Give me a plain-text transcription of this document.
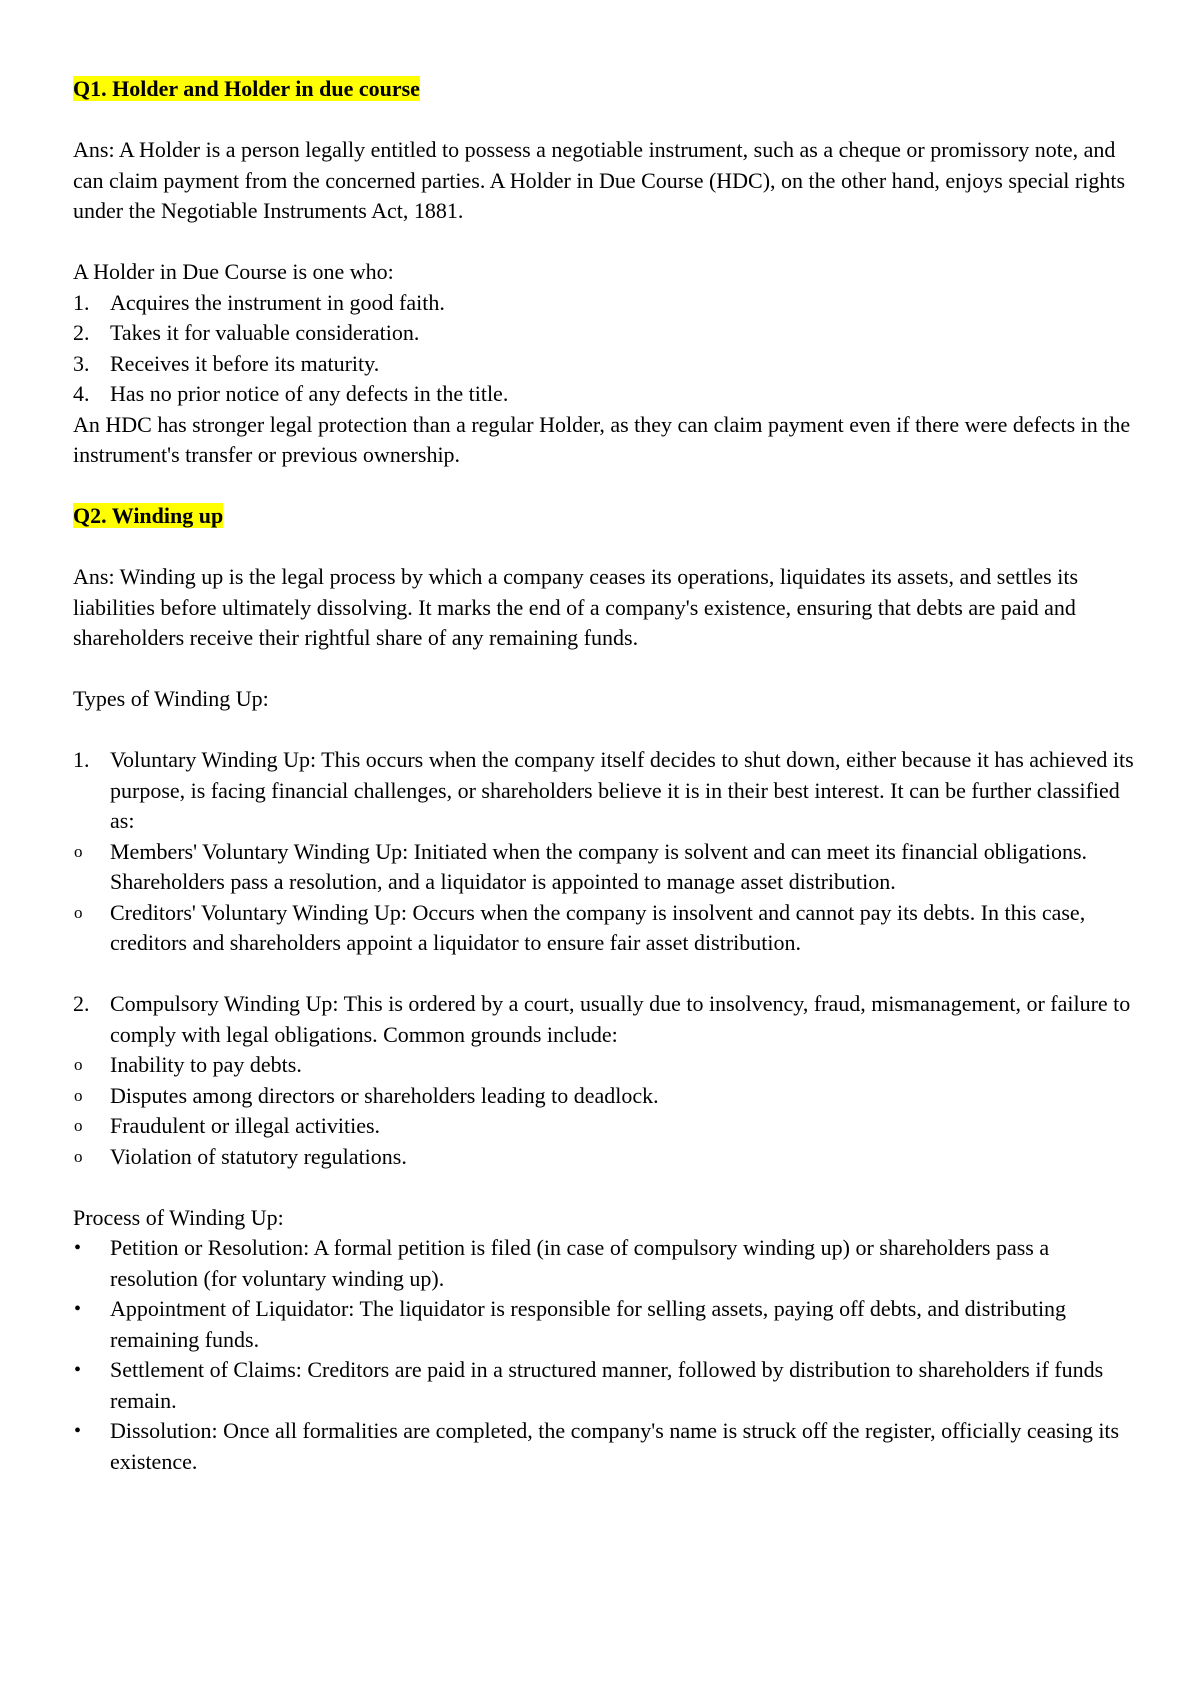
Q1. Holder and Holder in due course

Ans: A Holder is a person legally entitled to possess a negotiable instrument, such as a cheque or promissory note, and can claim payment from the concerned parties. A Holder in Due Course (HDC), on the other hand, enjoys special rights under the Negotiable Instruments Act, 1881.

A Holder in Due Course is one who:

1. Acquires the instrument in good faith.
2. Takes it for valuable consideration.
3. Receives it before its maturity.
4. Has no prior notice of any defects in the title.

An HDC has stronger legal protection than a regular Holder, as they can claim payment even if there were defects in the instrument's transfer or previous ownership.

Q2. Winding up

Ans: Winding up is the legal process by which a company ceases its operations, liquidates its assets, and settles its liabilities before ultimately dissolving. It marks the end of a company's existence, ensuring that debts are paid and shareholders receive their rightful share of any remaining funds.

Types of Winding Up:

1. Voluntary Winding Up: This occurs when the company itself decides to shut down, either because it has achieved its purpose, is facing financial challenges, or shareholders believe it is in their best interest. It can be further classified as:
o	Members' Voluntary Winding Up: Initiated when the company is solvent and can meet its financial obligations. Shareholders pass a resolution, and a liquidator is appointed to manage asset distribution.
o	Creditors' Voluntary Winding Up: Occurs when the company is insolvent and cannot pay its debts. In this case, creditors and shareholders appoint a liquidator to ensure fair asset distribution.
2. Compulsory Winding Up: This is ordered by a court, usually due to insolvency, fraud, mismanagement, or failure to comply with legal obligations. Common grounds include:
o	Inability to pay debts.
o	Disputes among directors or shareholders leading to deadlock.
o	Fraudulent or illegal activities.
o	Violation of statutory regulations.

Process of Winding Up:

•	Petition or Resolution: A formal petition is filed (in case of compulsory winding up) or shareholders pass a resolution (for voluntary winding up).
•	Appointment of Liquidator: The liquidator is responsible for selling assets, paying off debts, and distributing remaining funds.
•	Settlement of Claims: Creditors are paid in a structured manner, followed by distribution to shareholders if funds remain.
•	Dissolution: Once all formalities are completed, the company's name is struck off the register, officially ceasing its existence.
